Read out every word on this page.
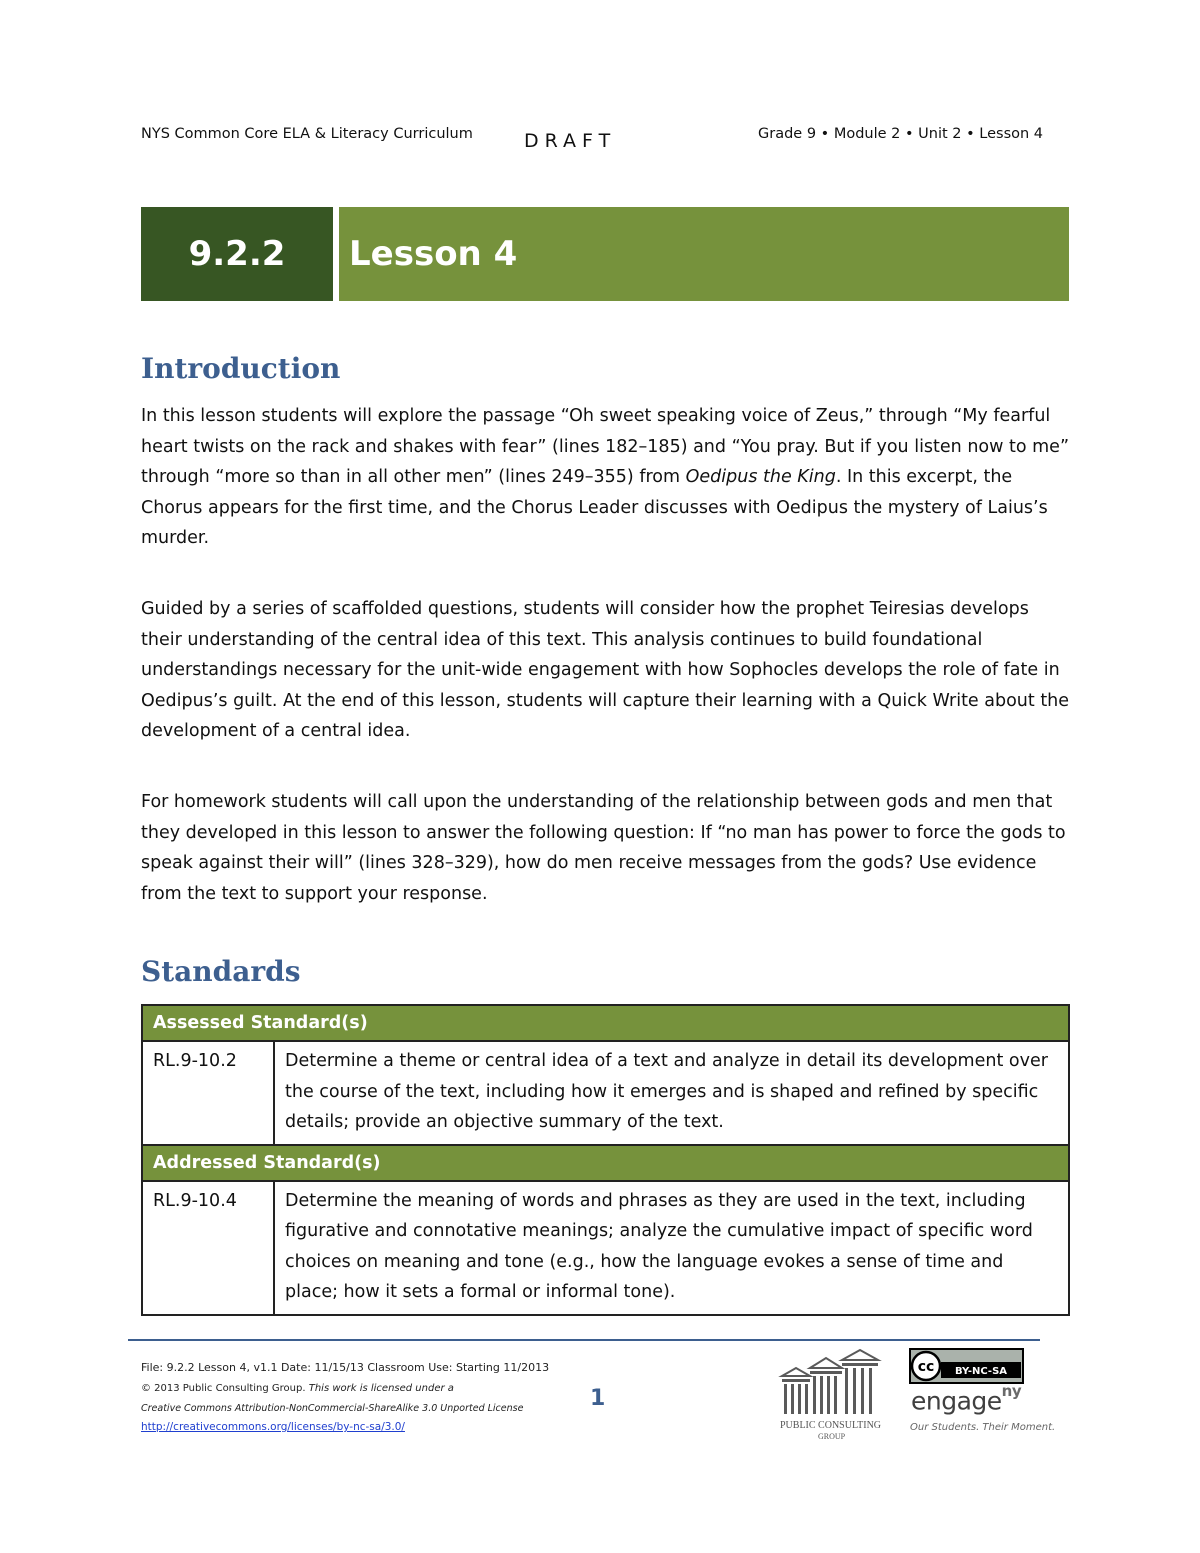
NYS Common Core ELA & Literacy Curriculum	DRAFT	Grade 9 • Module 2 • Unit 2 • Lesson 4
9.2.2 Lesson 4
Introduction

In this lesson students will explore the passage “Oh sweet speaking voice of Zeus,” through “My fearful heart twists on the rack and shakes with fear” (lines 182–185) and “You pray. But if you listen now to me” through “more so than in all other men” (lines 249–355) from Oedipus the King. In this excerpt, the Chorus appears for the first time, and the Chorus Leader discusses with Oedipus the mystery of Laius’s murder.

Guided by a series of scaffolded questions, students will consider how the prophet Teiresias develops their understanding of the central idea of this text. This analysis continues to build foundational understandings necessary for the unit-wide engagement with how Sophocles develops the role of fate in Oedipus’s guilt. At the end of this lesson, students will capture their learning with a Quick Write about the development of a central idea.

For homework students will call upon the understanding of the relationship between gods and men that they developed in this lesson to answer the following question: If “no man has power to force the gods to speak against their will” (lines 328–329), how do men receive messages from the gods? Use evidence from the text to support your response.

Standards
Assessed Standard(s)	
RL.9-10.2	Determine a theme or central idea of a text and analyze in detail its development over the course of the text, including how it emerges and is shaped and refined by specific details; provide an objective summary of the text.
Addressed Standard(s)	
RL.9-10.4	Determine the meaning of words and phrases as they are used in the text, including figurative and connotative meanings; analyze the cumulative impact of specific word choices on meaning and tone (e.g., how the language evokes a sense of time and place; how it sets a formal or informal tone).
File: 9.2.2 Lesson 4, v1.1 Date: 11/15/13 Classroom Use: Starting 11/2013
© 2013 Public Consulting Group. This work is licensed under a
Creative Commons Attribution-NonCommercial-ShareAlike 3.0 Unported License
http://creativecommons.org/licenses/by-nc-sa/3.0/
1
PUBLIC CONSULTING
GROUP
cc BY-NC-SA
engage$^{ny}$
Our Students. Their Moment.
